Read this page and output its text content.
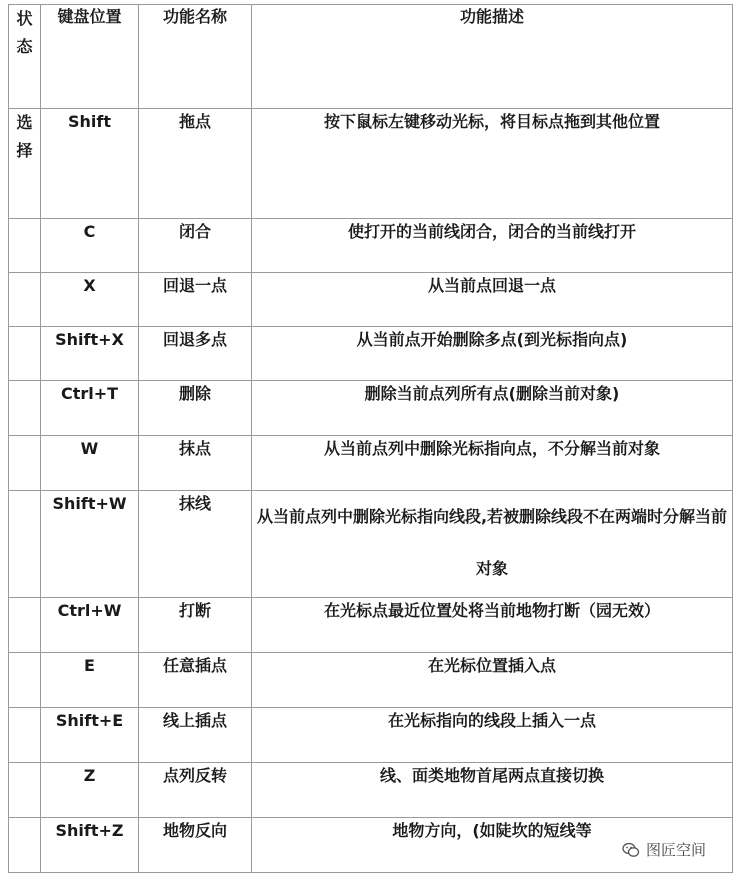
状
态	键盘位置	功能名称	功能描述

选
择	Shift	拖点	按下鼠标左键移动光标，将目标点拖到其他位置
	C	闭合	使打开的当前线闭合，闭合的当前线打开
	X	回退一点	从当前点回退一点
	Shift+X	回退多点	从当前点开始删除多点(到光标指向点)
	Ctrl+T	删除	删除当前点列所有点(删除当前对象)
	W	抹点	从当前点列中删除光标指向点，不分解当前对象
	Shift+W	抹线	从当前点列中删除光标指向线段,若被删除线段不在两端时分解当前对象
	Ctrl+W	打断	在光标点最近位置处将当前地物打断（园无效）
	E	任意插点	在光标位置插入点
	Shift+E	线上插点	在光标指向的线段上插入一点
	Z	点列反转	线、面类地物首尾两点直接切换
	Shift+Z	地物反向	地物方向，(如陡坎的短线等
图匠空间
